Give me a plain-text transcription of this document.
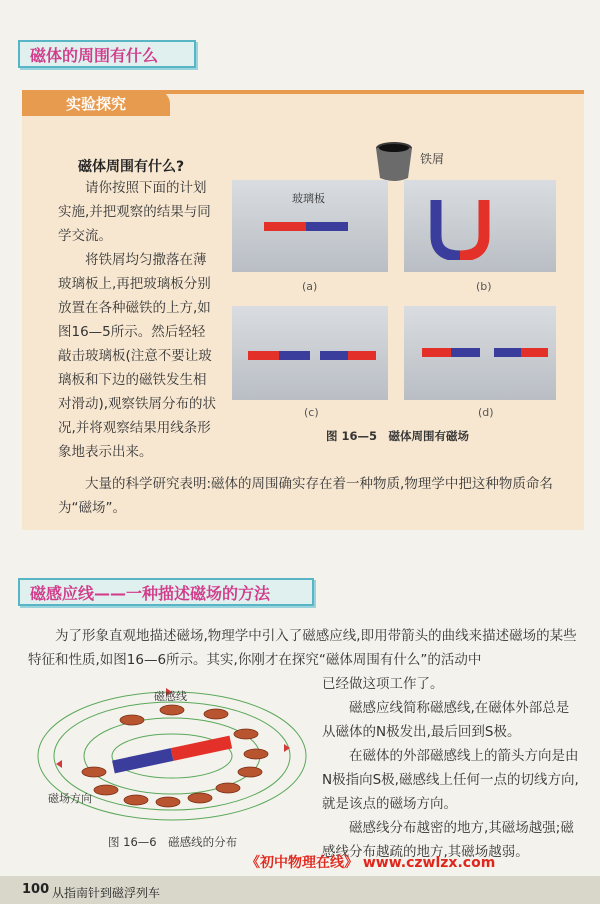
磁体的周围有什么
实验探究
磁体周围有什么?

请你按照下面的计划实施,并把观察的结果与同学交流。

将铁屑均匀撒落在薄玻璃板上,再把玻璃板分别放置在各种磁铁的上方,如图16—5所示。然后轻轻敲击玻璃板(注意不要让玻璃板和下边的磁铁发生相对滑动),观察铁屑分布的状况,并将观察结果用线条形象地表示出来。

铁屑
玻璃板
(a)	(b)
(c)	(d)
图 16—5　磁体周围有磁场

大量的科学研究表明:磁体的周围确实存在着一种物质,物理学中把这种物质命名为“磁场”。

磁感应线——一种描述磁场的方法

为了形象直观地描述磁场,物理学中引入了磁感应线,即用带箭头的曲线来描述磁场的某些特征和性质,如图16—6所示。其实,你刚才在探究“磁体周围有什么”的活动中

已经做这项工作了。

磁感应线简称磁感线,在磁体外部总是从磁体的N极发出,最后回到S极。

在磁体的外部磁感线上的箭头方向是由N极指向S极,磁感线上任何一点的切线方向,就是该点的磁场方向。

磁感线分布越密的地方,其磁场越强;磁感线分布越疏的地方,其磁场越弱。

磁感线
磁场方向
图 16—6　磁感线的分布
《初中物理在线》 www.czwlzx.com
100 从指南针到磁浮列车
